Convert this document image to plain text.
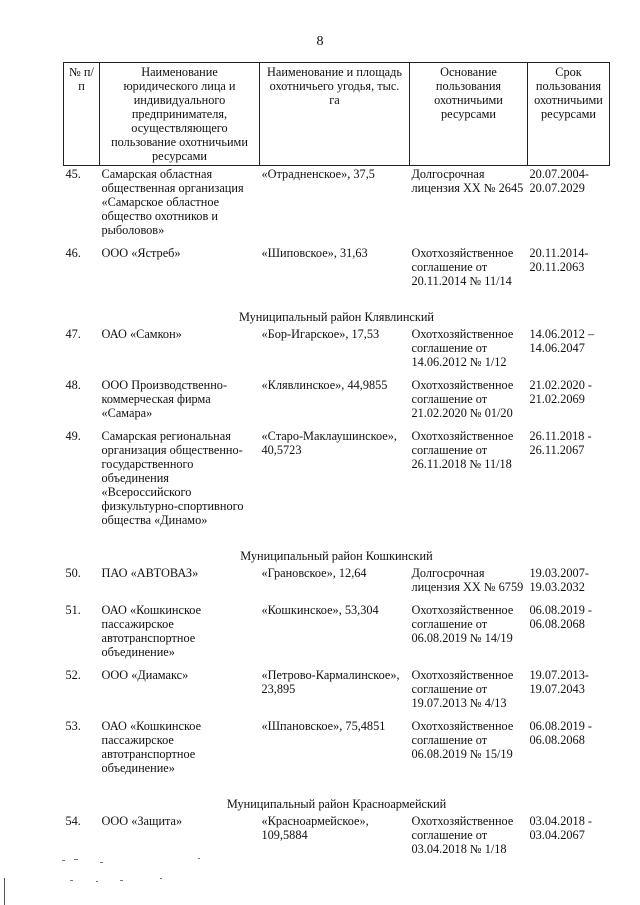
8
№ п/п	Наименование юридического лица и индивидуального предпринимателя, осуществляющего пользование охотничьими ресурсами	Наименование и площадь охотничьего угодья, тыс. га	Основание пользования охотничьими ресурсами	Срок пользования охотничьими ресурсами
45.	Самарская областная общественная организация «Самарское областное общество охотников и рыболовов»	«Отрадненское», 37,5	Долгосрочная лицензия ХХ № 2645	20.07.2004-20.07.2029
46.	ООО «Ястреб»	«Шиповское», 31,63	Охотхозяйственное соглашение от 20.11.2014 № 11/14	20.11.2014-20.11.2063
Муниципальный район Клявлинский				
47.	ОАО «Самкон»	«Бор-Игарское», 17,53	Охотхозяйственное соглашение от 14.06.2012 № 1/12	14.06.2012 – 14.06.2047
48.	ООО Производственно-коммерческая фирма «Самара»	«Клявлинское», 44,9855	Охотхозяйственное соглашение от 21.02.2020 № 01/20	21.02.2020 - 21.02.2069
49.	Самарская региональная организация общественно-государственного объединения «Всероссийского физкультурно-спортивного общества «Динамо»	«Старо-Маклаушинское», 40,5723	Охотхозяйственное соглашение от 26.11.2018 № 11/18	26.11.2018 - 26.11.2067
Муниципальный район Кошкинский				
50.	ПАО «АВТОВАЗ»	«Грановское», 12,64	Долгосрочная лицензия ХХ № 6759	19.03.2007-19.03.2032
51.	ОАО «Кошкинское пассажирское автотранспортное объединение»	«Кошкинское», 53,304	Охотхозяйственное соглашение от 06.08.2019 № 14/19	06.08.2019 - 06.08.2068
52.	ООО «Диамакс»	«Петрово-Кармалинское», 23,895	Охотхозяйственное соглашение от 19.07.2013 № 4/13	19.07.2013-19.07.2043
53.	ОАО «Кошкинское пассажирское автотранспортное объединение»	«Шпановское», 75,4851	Охотхозяйственное соглашение от 06.08.2019 № 15/19	06.08.2019 - 06.08.2068
Муниципальный район Красноармейский				
54.	ООО «Защита»	«Красноармейское», 109,5884	Охотхозяйственное соглашение от 03.04.2018 № 1/18	03.04.2018 - 03.04.2067
